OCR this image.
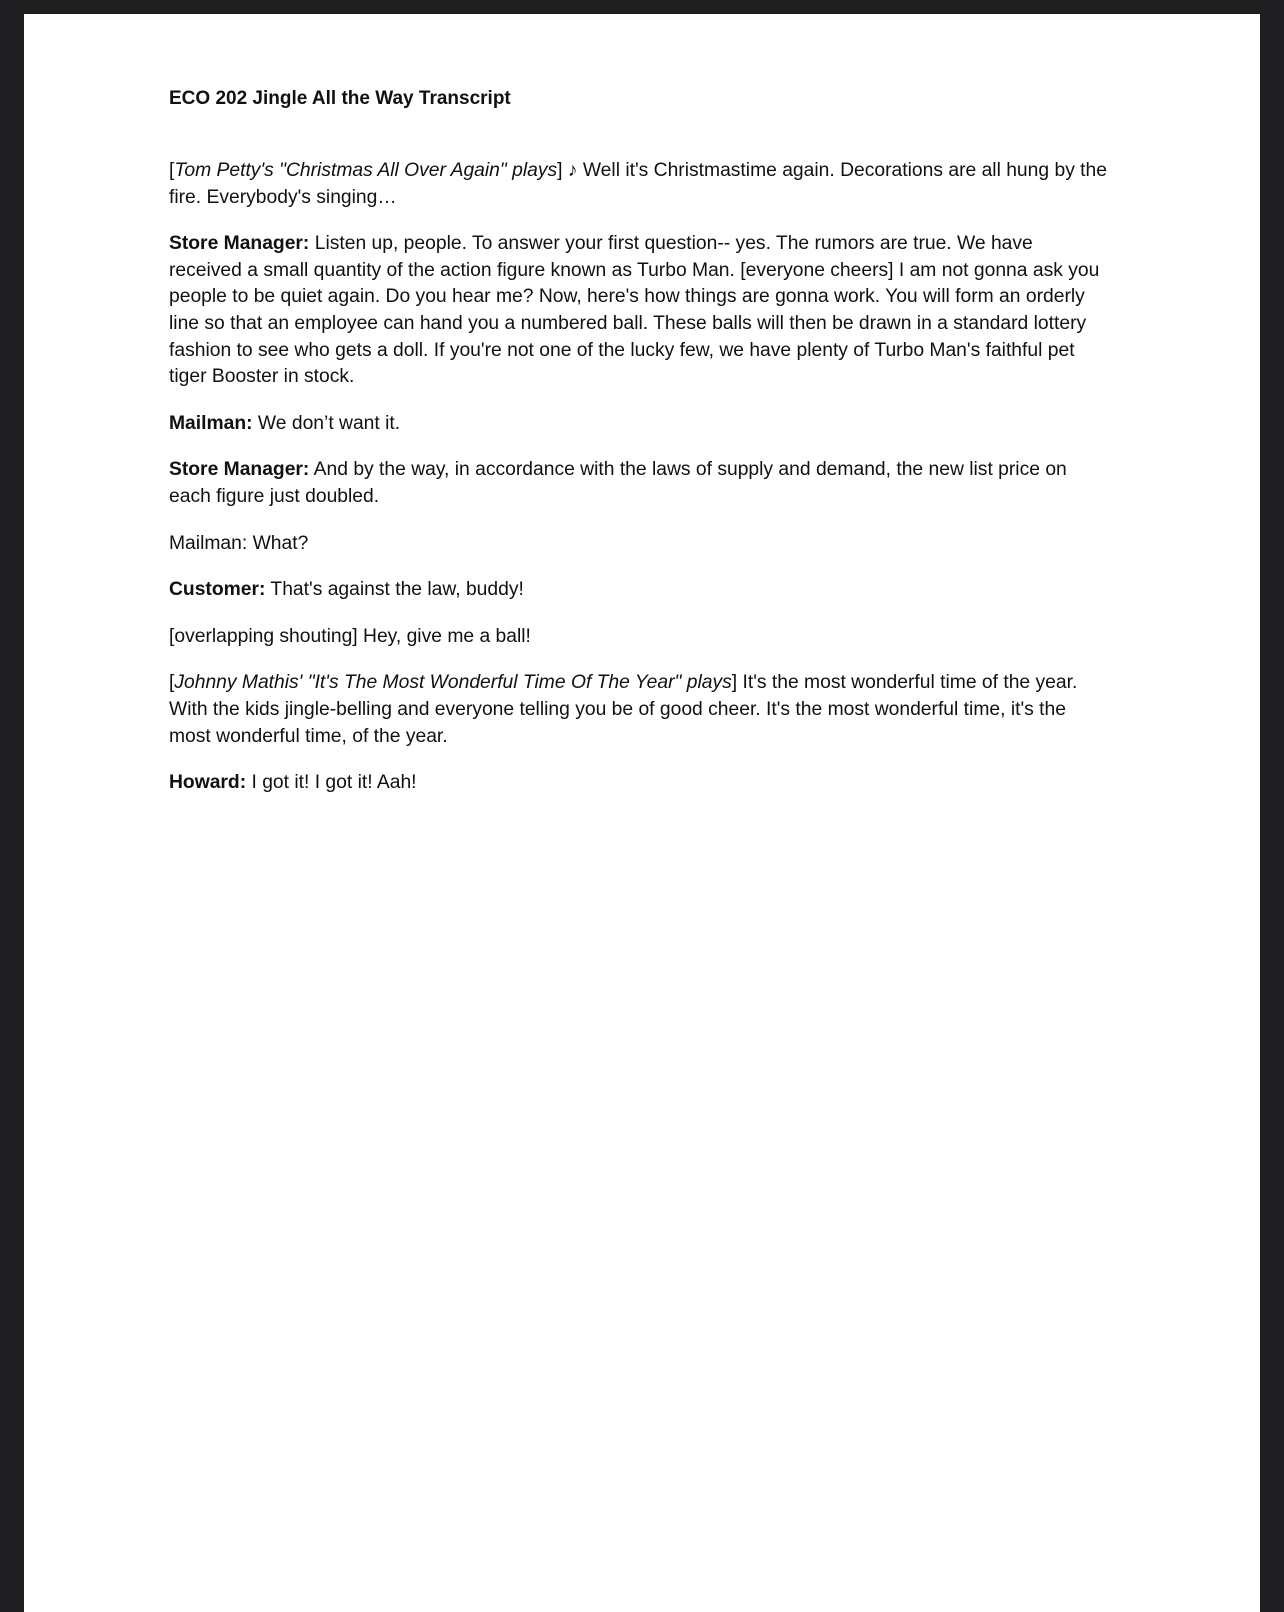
ECO 202 Jingle All the Way Transcript

[Tom Petty's "Christmas All Over Again" plays] ♪ Well it's Christmastime again. Decorations are all hung by the fire. Everybody's singing…

Store Manager: Listen up, people. To answer your first question-- yes. The rumors are true. We have received a small quantity of the action figure known as Turbo Man. [everyone cheers] I am not gonna ask you people to be quiet again. Do you hear me? Now, here's how things are gonna work. You will form an orderly line so that an employee can hand you a numbered ball. These balls will then be drawn in a standard lottery fashion to see who gets a doll. If you're not one of the lucky few, we have plenty of Turbo Man's faithful pet tiger Booster in stock.

Mailman: We don’t want it.

Store Manager: And by the way, in accordance with the laws of supply and demand, the new list price on each figure just doubled.

Mailman: What?

Customer: That's against the law, buddy!

[overlapping shouting] Hey, give me a ball!

[Johnny Mathis' "It's The Most Wonderful Time Of The Year" plays] It's the most wonderful time of the year. With the kids jingle-belling and everyone telling you be of good cheer. It's the most wonderful time, it's the most wonderful time, of the year.

Howard: I got it! I got it! Aah!
